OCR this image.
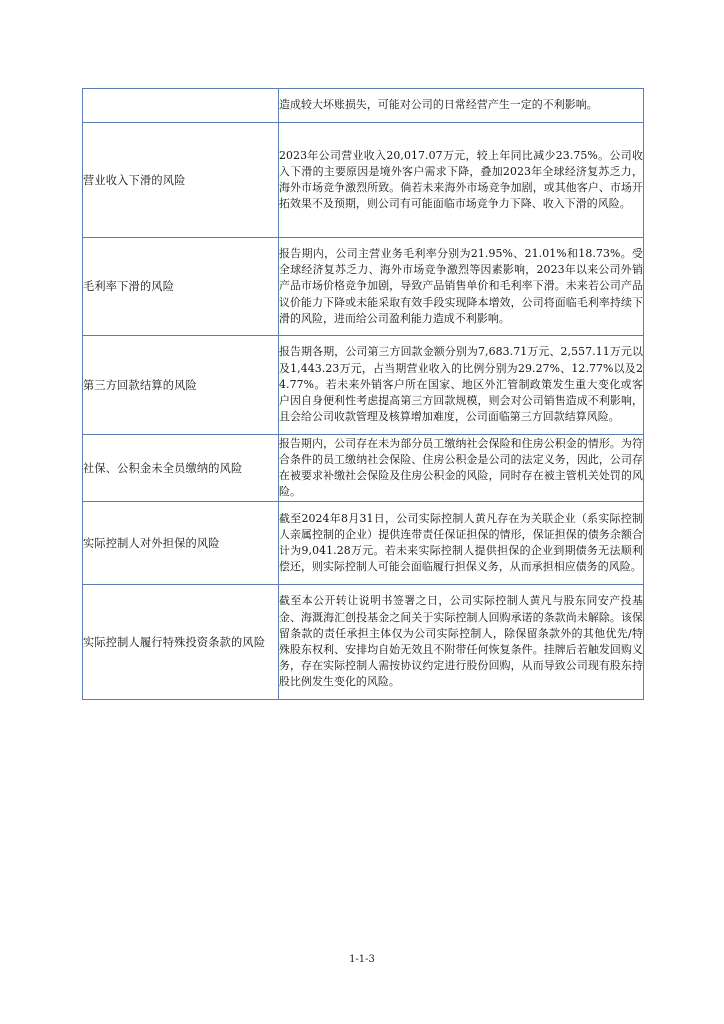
	造成较大坏账损失，可能对公司的日常经营产生一定的不利影响。

营业收入下滑的风险	2023年公司营业收入20,017.07万元，较上年同比减少23.75%。公司收入下滑的主要原因是境外客户需求下降，叠加2023年全球经济复苏乏力，海外市场竞争激烈所致。倘若未来海外市场竞争加剧，或其他客户、市场开拓效果不及预期，则公司有可能面临市场竞争力下降、收入下滑的风险。

毛利率下滑的风险	报告期内，公司主营业务毛利率分别为21.95%、21.01%和18.73%。受全球经济复苏乏力、海外市场竞争激烈等因素影响，2023年以来公司外销产品市场价格竞争加剧，导致产品销售单价和毛利率下滑。未来若公司产品议价能力下降或未能采取有效手段实现降本增效，公司将面临毛利率持续下滑的风险，进而给公司盈利能力造成不利影响。

第三方回款结算的风险	报告期各期，公司第三方回款金额分别为7,683.71万元、2,557.11万元以及1,443.23万元，占当期营业收入的比例分别为29.27%、12.77%以及24.77%。若未来外销客户所在国家、地区外汇管制政策发生重大变化或客户因自身便利性考虑提高第三方回款规模，则会对公司销售造成不利影响，且会给公司收款管理及核算增加难度，公司面临第三方回款结算风险。

社保、公积金未全员缴纳的风险	报告期内，公司存在未为部分员工缴纳社会保险和住房公积金的情形。为符合条件的员工缴纳社会保险、住房公积金是公司的法定义务，因此，公司存在被要求补缴社会保险及住房公积金的风险，同时存在被主管机关处罚的风险。

实际控制人对外担保的风险	截至2024年8月31日，公司实际控制人黄凡存在为关联企业（系实际控制人亲属控制的企业）提供连带责任保证担保的情形，保证担保的债务余额合计为9,041.28万元。若未来实际控制人提供担保的企业到期债务无法顺利偿还，则实际控制人可能会面临履行担保义务，从而承担相应债务的风险。

实际控制人履行特殊投资条款的风险	截至本公开转让说明书签署之日，公司实际控制人黄凡与股东同安产投基金、海溉海汇创投基金之间关于实际控制人回购承诺的条款尚未解除。该保留条款的责任承担主体仅为公司实际控制人，除保留条款外的其他优先/特殊股东权利、安排均自始无效且不附带任何恢复条件。挂牌后若触发回购义务，存在实际控制人需按协议约定进行股份回购，从而导致公司现有股东持股比例发生变化的风险。
1-1-3
